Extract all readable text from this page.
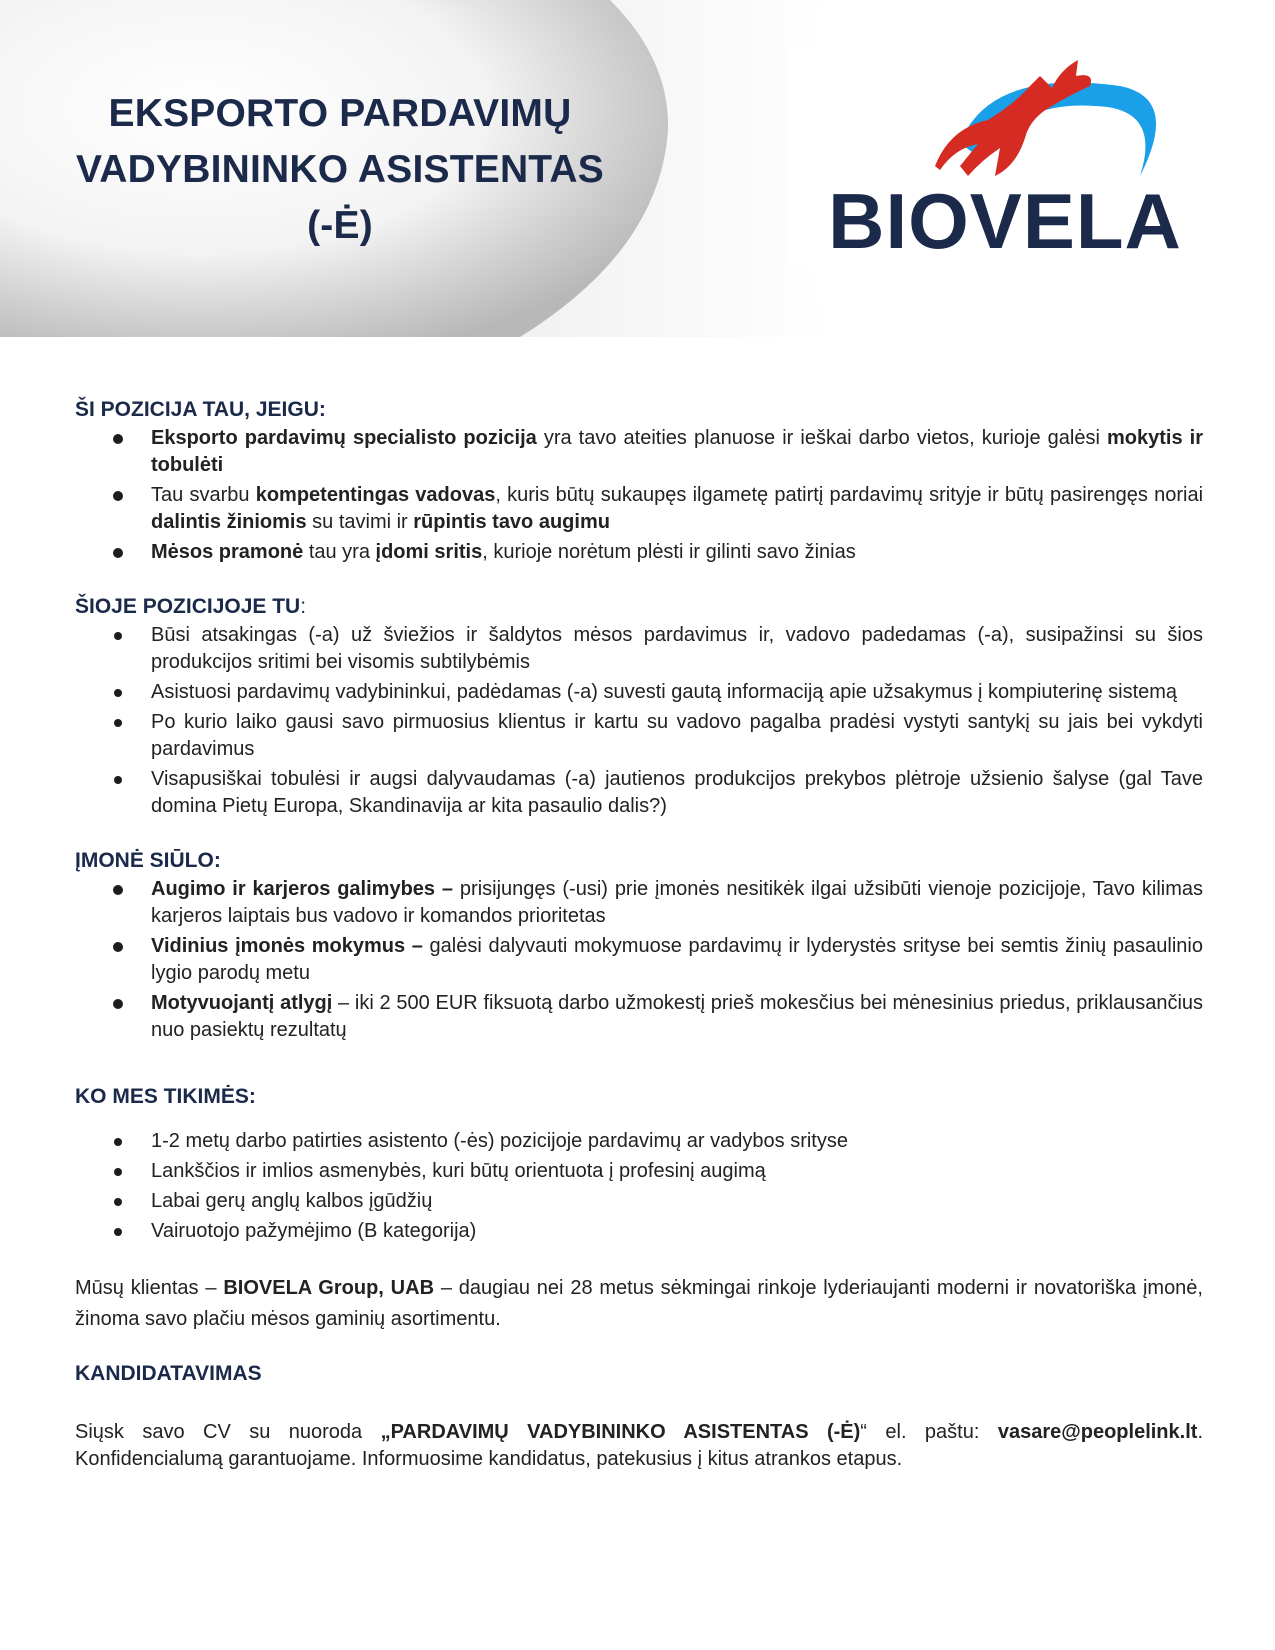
EKSPORTO PARDAVIMŲ
VADYBININKO ASISTENTAS
(-Ė)	BIOVELA
ŠI POZICIJA TAU, JEIGU:
Eksporto pardavimų specialisto pozicija yra tavo ateities planuose ir ieškai darbo vietos, kurioje galėsi mokytis ir tobulėti
Tau svarbu kompetentingas vadovas, kuris būtų sukaupęs ilgametę patirtį pardavimų srityje ir būtų pasirengęs noriai dalintis žiniomis su tavimi ir rūpintis tavo augimu
Mėsos pramonė tau yra įdomi sritis, kurioje norėtum plėsti ir gilinti savo žinias
ŠIOJE POZICIJOJE TU:
Būsi atsakingas (-a) už šviežios ir šaldytos mėsos pardavimus ir, vadovo padedamas (-a), susipažinsi su šios produkcijos sritimi bei visomis subtilybėmis
Asistuosi pardavimų vadybininkui, padėdamas (-a) suvesti gautą informaciją apie užsakymus į kompiuterinę sistemą
Po kurio laiko gausi savo pirmuosius klientus ir kartu su vadovo pagalba pradėsi vystyti santykį su jais bei vykdyti pardavimus
Visapusiškai tobulėsi ir augsi dalyvaudamas (-a) jautienos produkcijos prekybos plėtroje užsienio šalyse (gal Tave domina Pietų Europa, Skandinavija ar kita pasaulio dalis?)
ĮMONĖ SIŪLO:
Augimo ir karjeros galimybes – prisijungęs (-usi) prie įmonės nesitikėk ilgai užsibūti vienoje pozicijoje, Tavo kilimas karjeros laiptais bus vadovo ir komandos prioritetas
Vidinius įmonės mokymus – galėsi dalyvauti mokymuose pardavimų ir lyderystės srityse bei semtis žinių pasaulinio lygio parodų metu
Motyvuojantį atlygį – iki 2 500 EUR fiksuotą darbo užmokestį prieš mokesčius bei mėnesinius priedus, priklausančius nuo pasiektų rezultatų
KO MES TIKIMĖS:
1-2 metų darbo patirties asistento (-ės) pozicijoje pardavimų ar vadybos srityse
Lankščios ir imlios asmenybės, kuri būtų orientuota į profesinį augimą
Labai gerų anglų kalbos įgūdžių
Vairuotojo pažymėjimo (B kategorija)

Mūsų klientas – BIOVELA Group, UAB – daugiau nei 28 metus sėkmingai rinkoje lyderiaujanti moderni ir novatoriška įmonė, žinoma savo plačiu mėsos gaminių asortimentu.

KANDIDATAVIMAS

Siųsk savo CV su nuoroda „PARDAVIMŲ VADYBININKO ASISTENTAS (-Ė)“ el. paštu: vasare@peoplelink.lt. Konfidencialumą garantuojame. Informuosime kandidatus, patekusius į kitus atrankos etapus.
